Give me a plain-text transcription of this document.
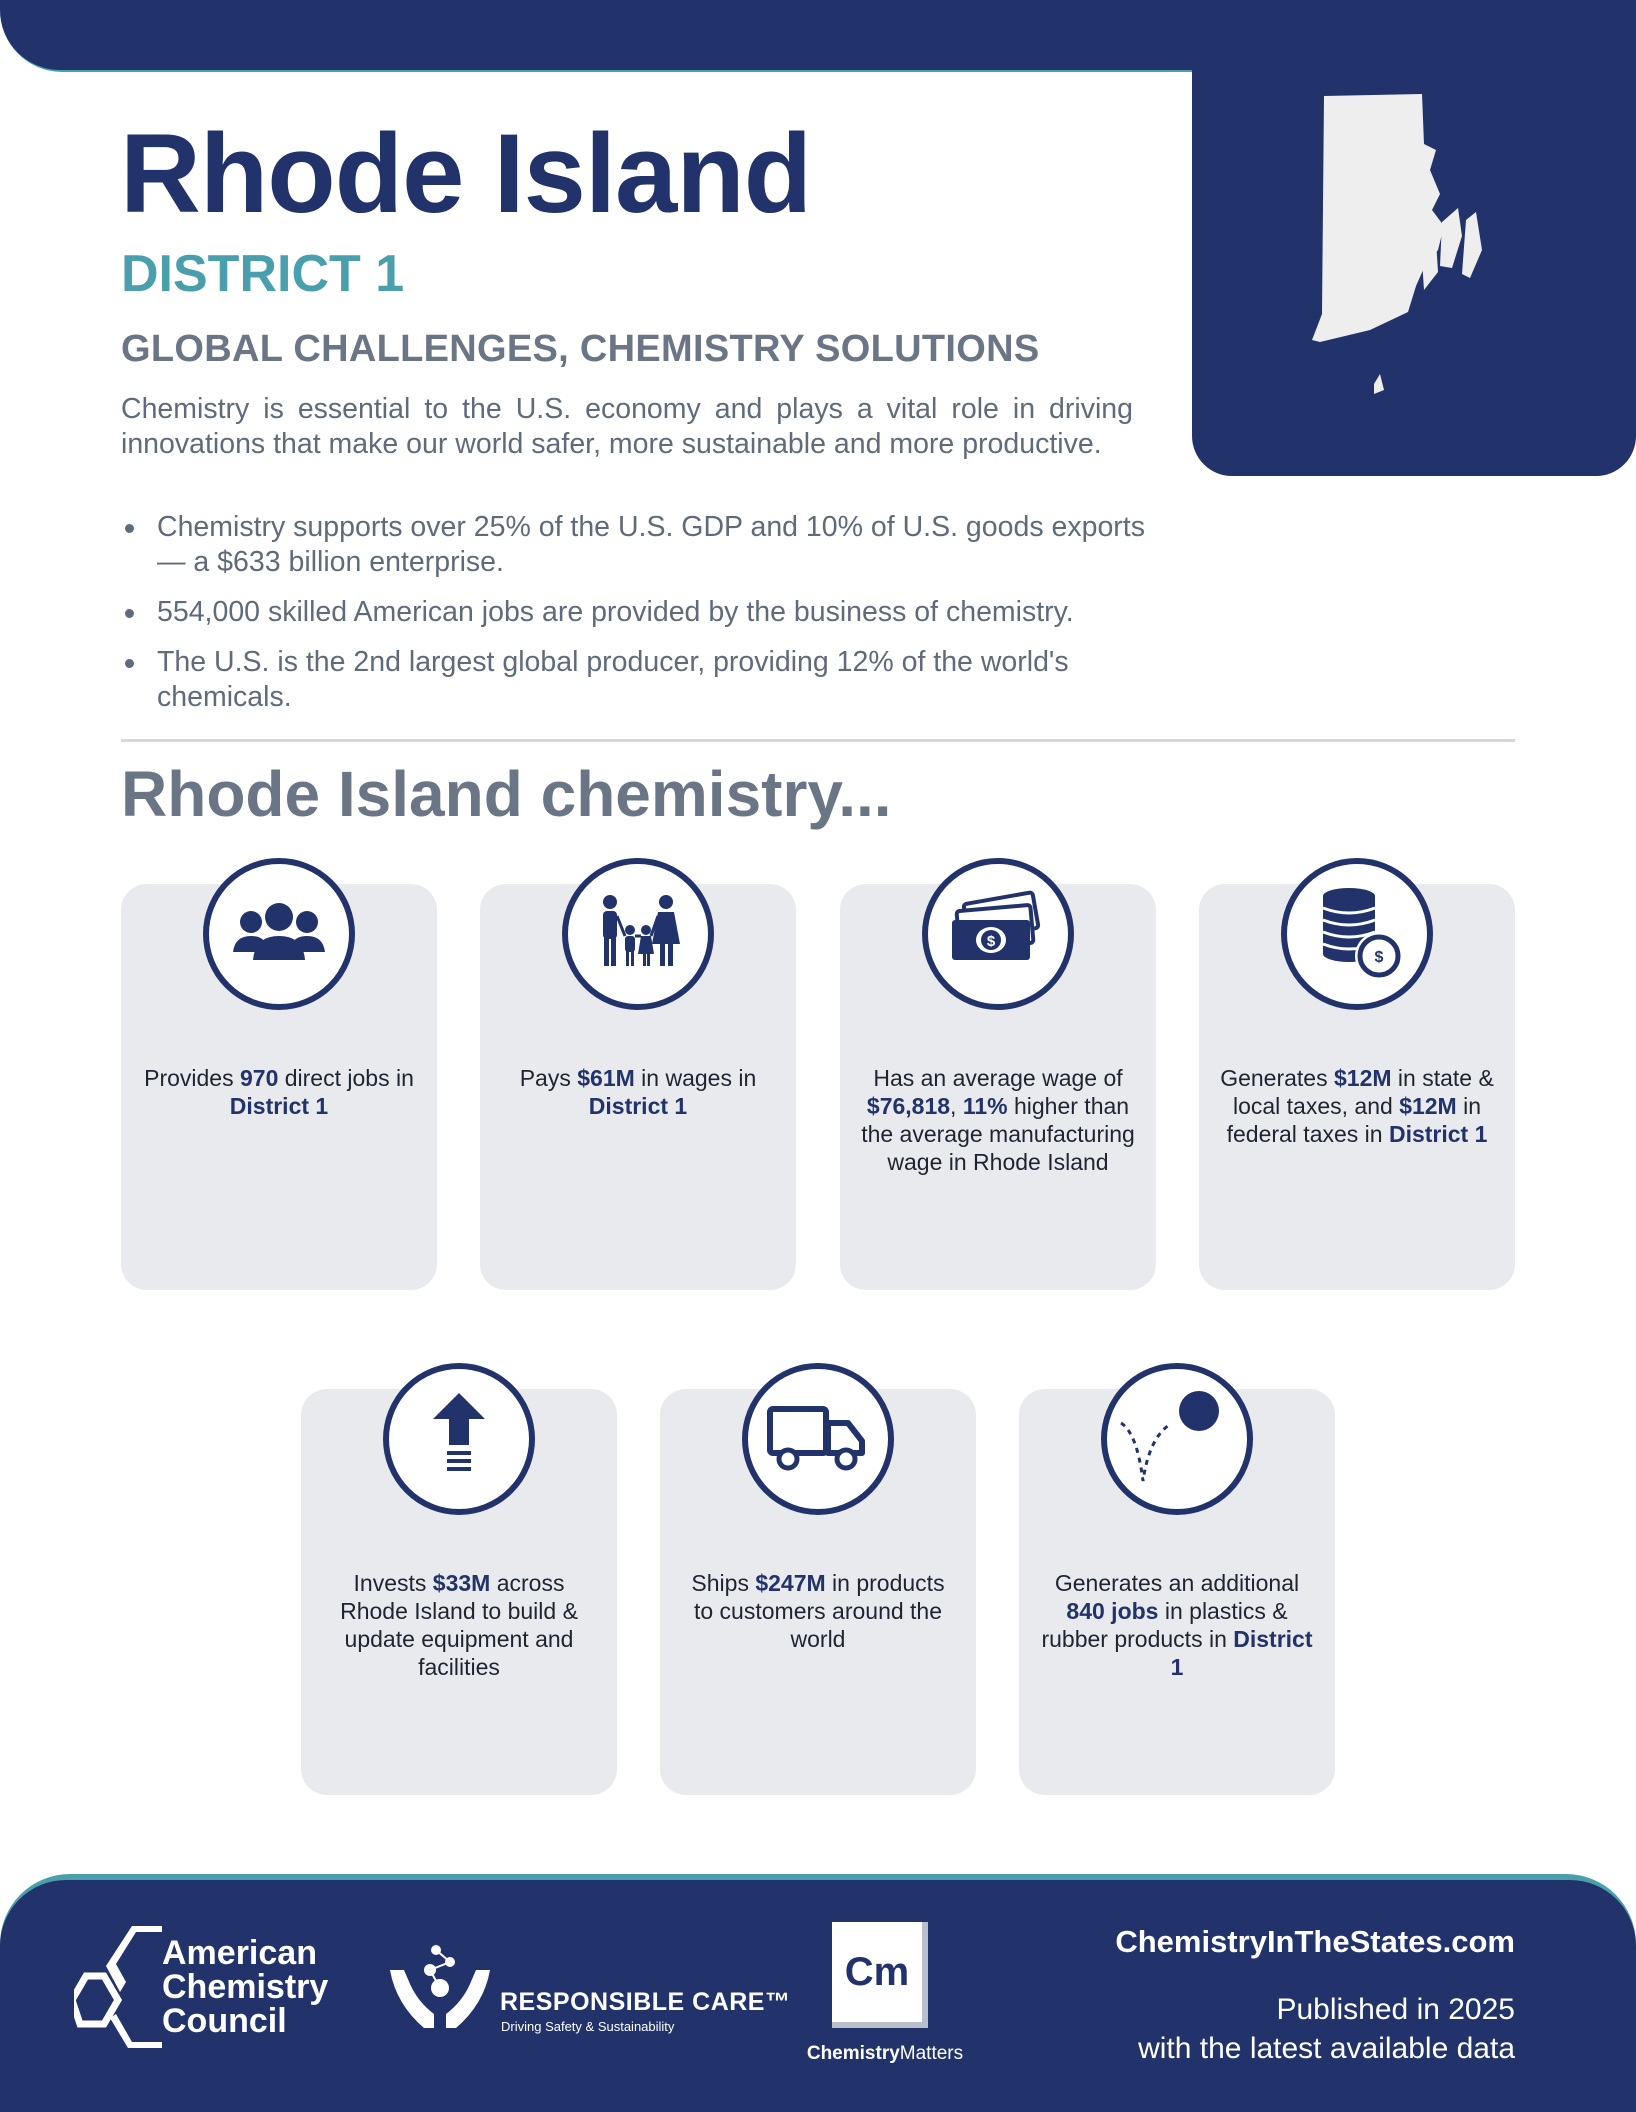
Rhode Island
DISTRICT 1
GLOBAL CHALLENGES, CHEMISTRY SOLUTIONS

Chemistry is essential to the U.S. economy and plays a vital role in driving innovations that make our world safer, more sustainable and more productive.

Chemistry supports over 25% of the U.S. GDP and 10% of U.S. goods exports — a $633 billion enterprise.
554,000 skilled American jobs are provided by the business of chemistry.
The U.S. is the 2nd largest global producer, providing 12% of the world's chemicals.
Rhode Island chemistry...
Provides 970 direct jobs in District 1
Pays $61M in wages in District 1
$
Has an average wage of $76,818, 11% higher than the average manufacturing wage in Rhode Island
$
Generates $12M in state & local taxes, and $12M in federal taxes in District 1
Invests $33M across Rhode Island to build & update equipment and facilities
Ships $247M in products to customers around the world
Generates an additional 840 jobs in plastics & rubber products in District 1
American
Chemistry
Council	RESPONSIBLE CARE™
Driving Safety & Sustainability
Cm
ChemistryMatters
ChemistryInTheStates.com
Published in 2025
with the latest available data
